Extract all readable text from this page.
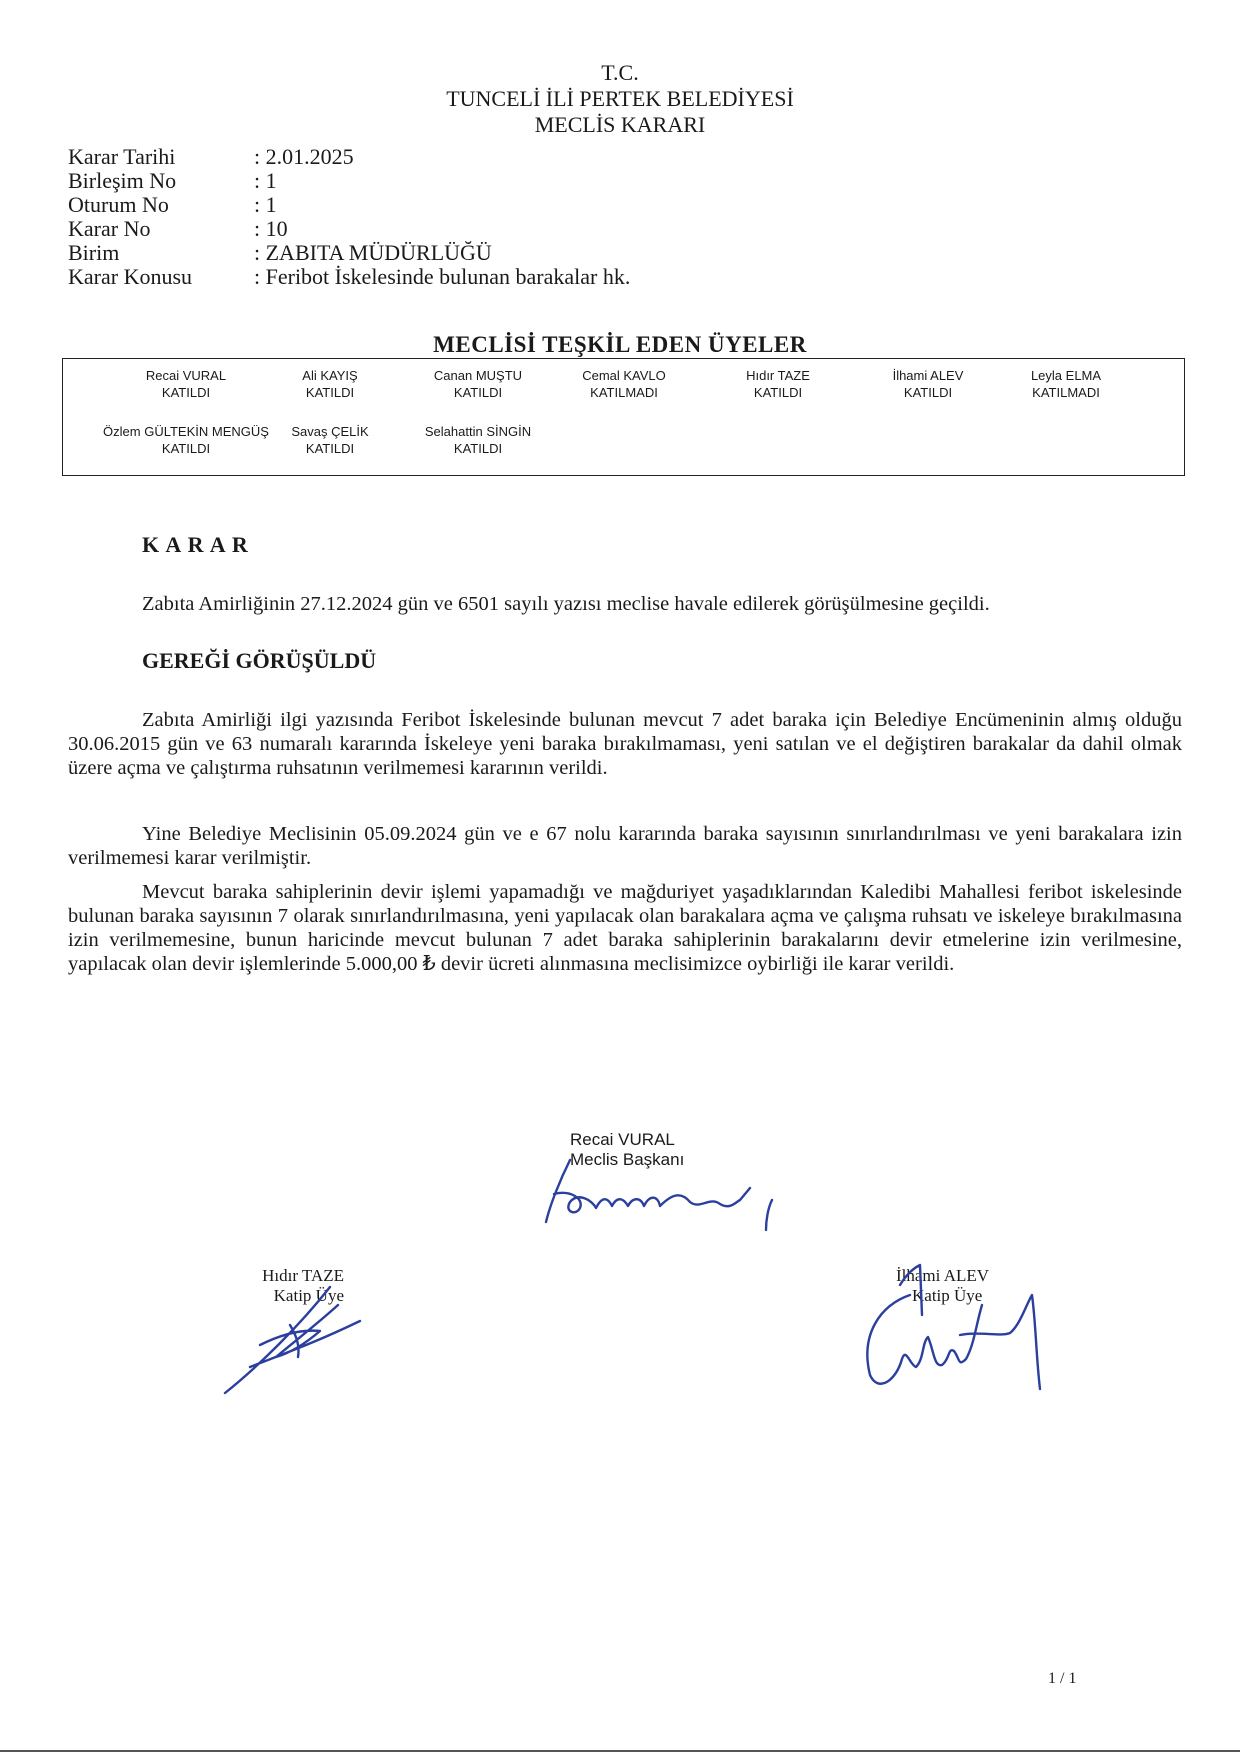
T.C.
TUNCELİ İLİ PERTEK BELEDİYESİ
MECLİS KARARI
Karar Tarihi	: 2.01.2025
Birleşim No	: 1
Oturum No	: 1
Karar No	: 10
Birim	: ZABITA MÜDÜRLÜĞÜ
Karar Konusu	: Feribot İskelesinde bulunan barakalar hk.
MECLİSİ TEŞKİL EDEN ÜYELER
Recai VURAL
KATILDI
Ali KAYIŞ
KATILDI
Canan MUŞTU
KATILDI
Cemal KAVLO
KATILMADI
Hıdır TAZE
KATILDI
İlhami ALEV
KATILDI
Leyla ELMA
KATILMADI
Özlem GÜLTEKİN MENGÜŞ
KATILDI
Savaş ÇELİK
KATILDI
Selahattin SİNGİN
KATILDI
K A R A R
Zabıta Amirliğinin 27.12.2024 gün ve 6501 sayılı yazısı meclise havale edilerek görüşülmesine geçildi.
GEREĞİ GÖRÜŞÜLDÜ
Zabıta Amirliği ilgi yazısında Feribot İskelesinde bulunan mevcut 7 adet baraka için Belediye Encümeninin almış olduğu 30.06.2015 gün ve 63 numaralı kararında İskeleye yeni baraka bırakılmaması, yeni satılan ve el değiştiren barakalar da dahil olmak üzere açma ve çalıştırma ruhsatının verilmemesi kararının verildi.
Yine Belediye Meclisinin 05.09.2024 gün ve e 67 nolu kararında baraka sayısının sınırlandırılması ve yeni barakalara izin verilmemesi karar verilmiştir.
Mevcut baraka sahiplerinin devir işlemi yapamadığı ve mağduriyet yaşadıklarından Kaledibi Mahallesi feribot iskelesinde bulunan baraka sayısının 7 olarak sınırlandırılmasına, yeni yapılacak olan barakalara açma ve çalışma ruhsatı ve iskeleye bırakılmasına izin verilmemesine, bunun haricinde mevcut bulunan 7 adet baraka sahiplerinin barakalarını devir etmelerine izin verilmesine, yapılacak olan devir işlemlerinde 5.000,00 ₺ devir ücreti alınmasına meclisimizce oybirliği ile karar verildi.
Recai VURAL
Meclis Başkanı
Hıdır TAZE
Katip Üye
İlhami ALEV
Katip Üye
1 / 1
